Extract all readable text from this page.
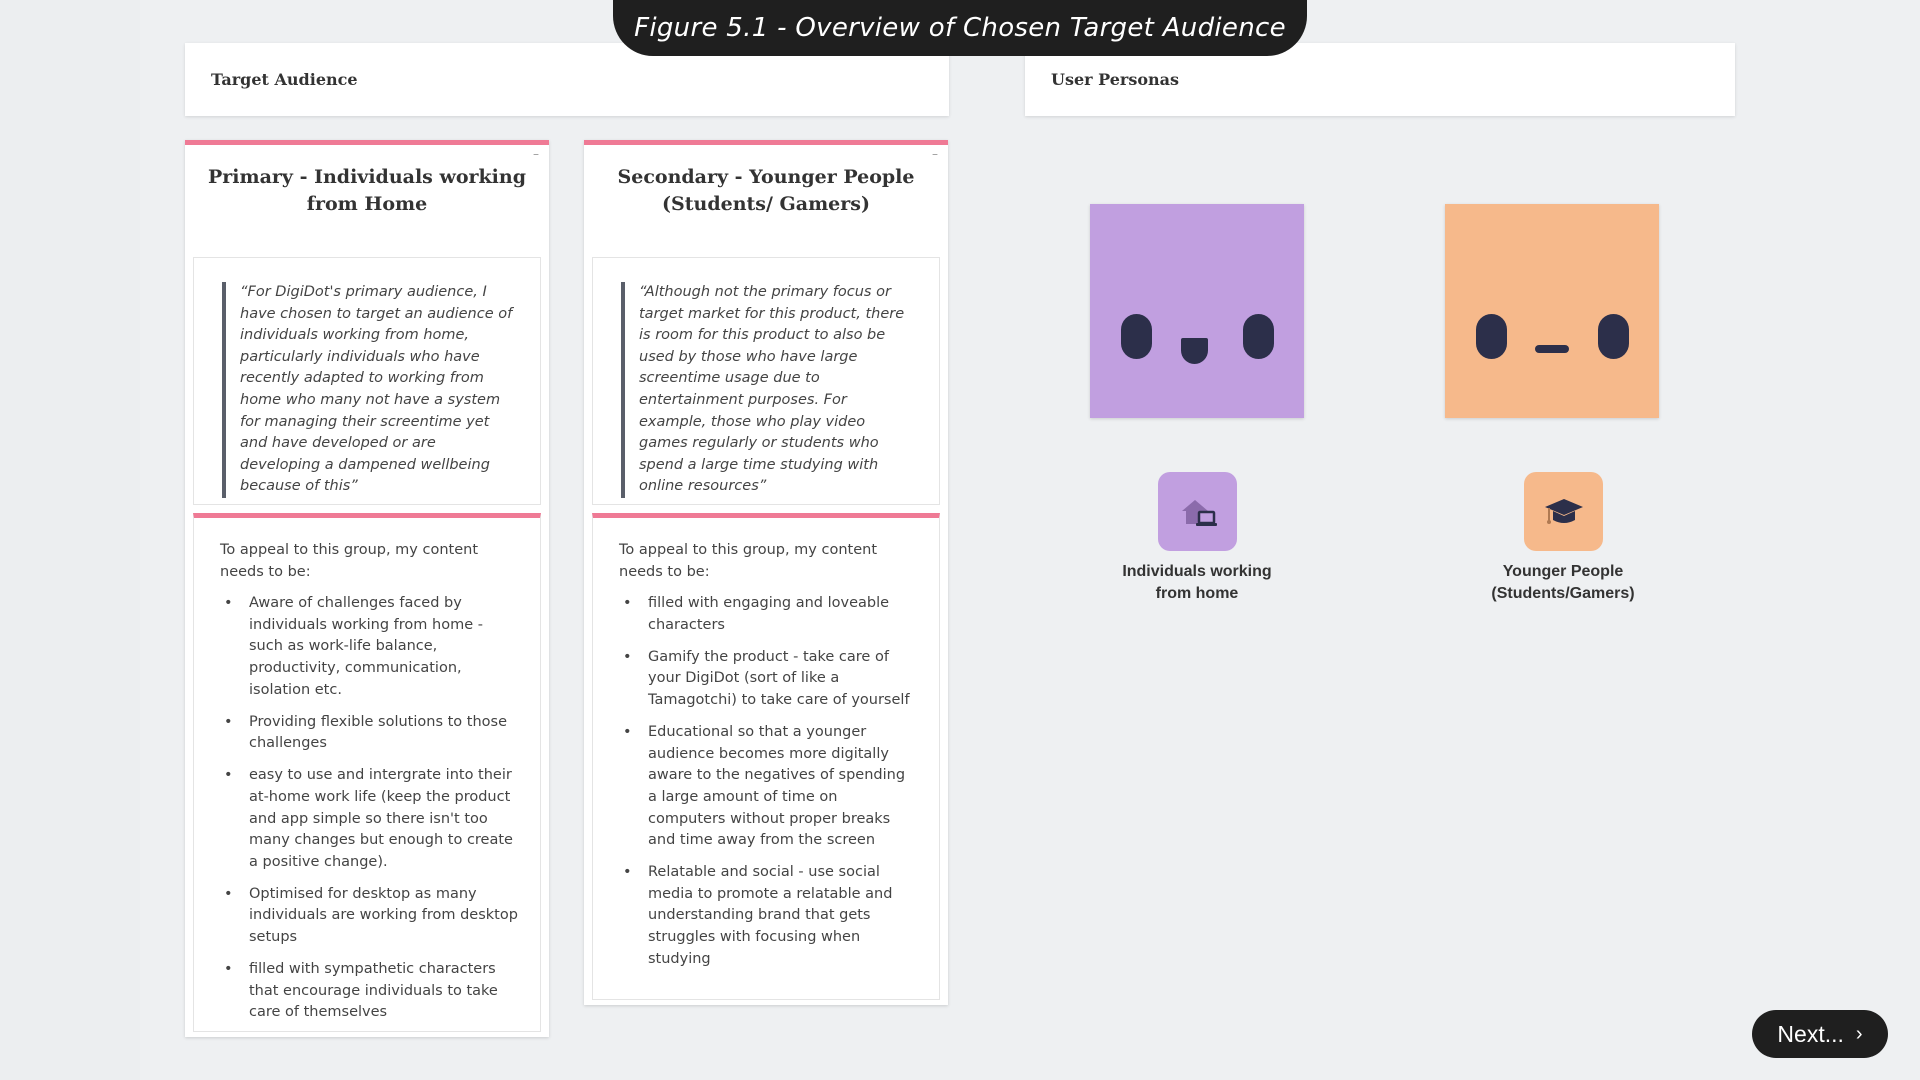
Figure 5.1 - Overview of Chosen Target Audience
Target Audience	User Personas
–
Primary - Individuals working from Home
“For DigiDot's primary audience, I have chosen to target an audience of individuals working from home, particularly individuals who have recently adapted to working from home who many not have a system for managing their screentime yet and have developed or are developing a dampened wellbeing because of this”
To appeal to this group, my content needs to be:
• Aware of challenges faced by individuals working from home - such as work-life balance, productivity, communication, isolation etc.
• Providing flexible solutions to those challenges
• easy to use and intergrate into their at-home work life (keep the product and app simple so there isn't too many changes but enough to create a positive change).
• Optimised for desktop as many individuals are working from desktop setups
• filled with sympathetic characters that encourage individuals to take care of themselves
–
Secondary - Younger People (Students/ Gamers)
“Although not the primary focus or target market for this product, there is room for this product to also be used by those who have large screentime usage due to entertainment purposes. For example, those who play video games regularly or students who spend a large time studying with online resources”
To appeal to this group, my content needs to be:
• filled with engaging and loveable characters
• Gamify the product - take care of your DigiDot (sort of like a Tamagotchi) to take care of yourself
• Educational so that a younger audience becomes more digitally aware to the negatives of spending a large amount of time on computers without proper breaks and time away from the screen
• Relatable and social - use social media to promote a relatable and understanding brand that gets struggles with focusing when studying
Individuals working
from home
Younger People
(Students/Gamers)
Next... ›
